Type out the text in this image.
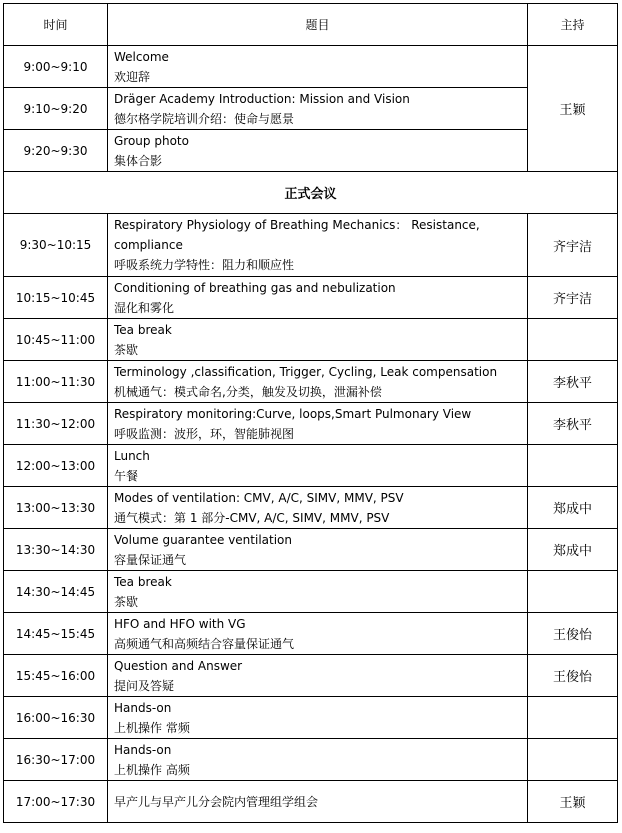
时间	题目	主持
9:00~9:10	Welcome
欢迎辞	王颖
9:10~9:20	Dräger Academy Introduction: Mission and Vision
德尔格学院培训介绍：使命与愿景	

9:20~9:30	Group photo
集体合影	

正式会议		
9:30~10:15	Respiratory Physiology of Breathing Mechanics： Resistance, compliance
呼吸系统力学特性：阻力和顺应性	齐宇洁
10:15~10:45	Conditioning of breathing gas and nebulization
湿化和雾化	齐宇洁
10:45~11:00	Tea break
茶歇	

11:00~11:30	Terminology ,classification, Trigger, Cycling, Leak compensation
机械通气：模式命名,分类，触发及切换，泄漏补偿	李秋平
11:30~12:00	Respiratory monitoring:Curve, loops,Smart Pulmonary View
呼吸监测：波形，环，智能肺视图	李秋平
12:00~13:00	Lunch
午餐	

13:00~13:30	Modes of ventilation: CMV, A/C, SIMV, MMV, PSV
通气模式：第 1 部分-CMV, A/C, SIMV, MMV, PSV	郑成中
13:30~14:30	Volume guarantee ventilation
容量保证通气	郑成中
14:30~14:45	Tea break
茶歇	

14:45~15:45	HFO and HFO with VG
高频通气和高频结合容量保证通气	王俊怡
15:45~16:00	Question and Answer
提问及答疑	王俊怡
16:00~16:30	Hands-on
上机操作 常频	

16:30~17:00	Hands-on
上机操作 高频	

17:00~17:30	早产儿与早产儿分会院内管理组学组会	王颖
